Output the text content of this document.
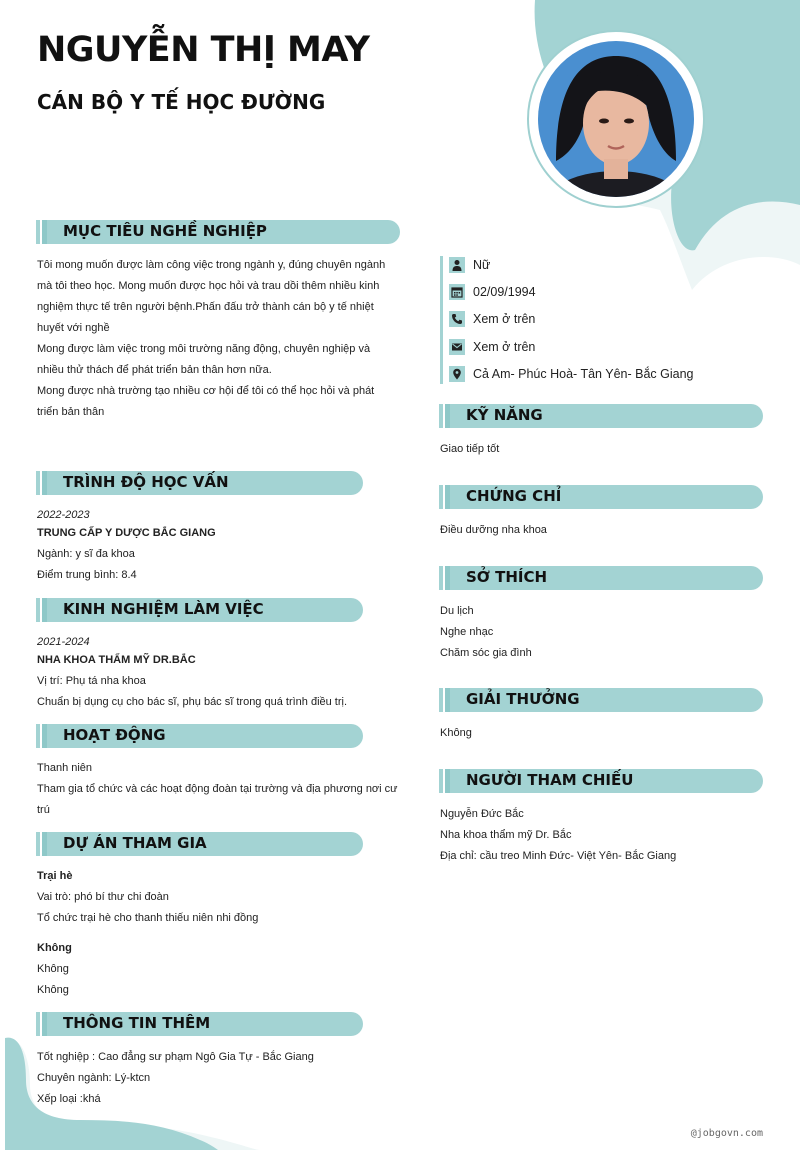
NGUYỄN THỊ MAY
CÁN BỘ Y TẾ HỌC ĐƯỜNG
MỤC TIÊU NGHỀ NGHIỆP

Tôi mong muốn được làm công việc trong ngành y, đúng chuyên ngành

mà tôi theo học. Mong muốn được học hỏi và trau dồi thêm nhiều kinh

nghiệm thực tế trên người bệnh.Phấn đấu trở thành cán bộ y tế nhiệt

huyết với nghề

Mong được làm việc trong môi trường năng động, chuyên nghiệp và

nhiều thử thách để phát triển bản thân hơn nữa.

Mong được nhà trường tạo nhiều cơ hội để tôi có thể học hỏi và phát

triển bản thân

TRÌNH ĐỘ HỌC VẤN

2022-2023

TRUNG CẤP Y DƯỢC BẮC GIANG

Ngành: y sĩ đa khoa

Điểm trung bình: 8.4

KINH NGHIỆM LÀM VIỆC

2021-2024

NHA KHOA THẨM MỸ DR.BẮC

Vị trí: Phụ tá nha khoa

Chuẩn bị dụng cụ cho bác sĩ, phụ bác sĩ trong quá trình điều trị.

HOẠT ĐỘNG

Thanh niên

Tham gia tổ chức và các hoạt động đoàn tại trường và địa phương nơi cư

trú

DỰ ÁN THAM GIA

Trại hè

Vai trò: phó bí thư chi đoàn

Tổ chức trại hè cho thanh thiếu niên nhi đồng

Không

Không

Không

THÔNG TIN THÊM

Tốt nghiệp : Cao đẳng sư phạm Ngô Gia Tự - Bắc Giang

Chuyên ngành: Lý-ktcn

Xếp loại :khá

Nữ
02/09/1994
Xem ở trên
Xem ở trên
Cả Am- Phúc Hoà- Tân Yên- Bắc Giang
KỸ NĂNG

Giao tiếp tốt

CHỨNG CHỈ

Điều dưỡng nha khoa

SỞ THÍCH

Du lịch

Nghe nhạc

Chăm sóc gia đình

GIẢI THƯỞNG

Không

NGƯỜI THAM CHIẾU

Nguyễn Đức Bắc

Nha khoa thẩm mỹ Dr. Bắc

Địa chỉ: cầu treo Minh Đức- Việt Yên- Bắc Giang

@jobgovn.com
